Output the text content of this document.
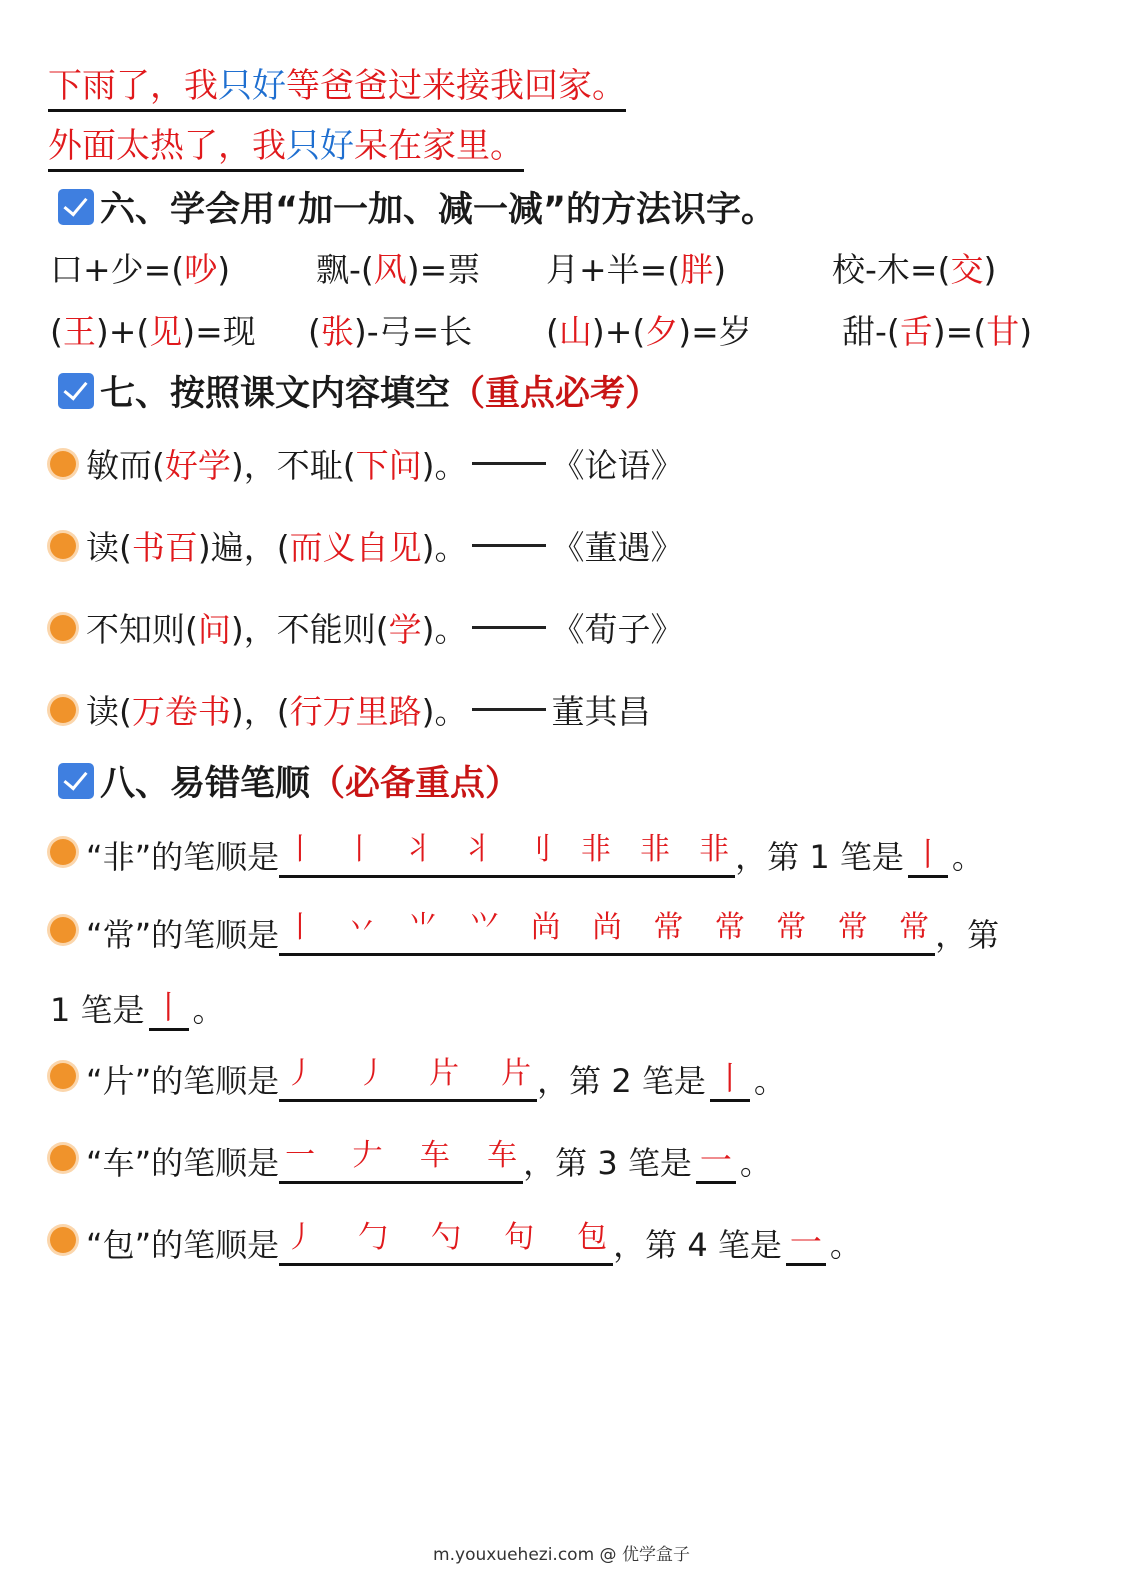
下雨了，我只好等爸爸过来接我回家。
外面太热了，我只好呆在家里。
六、学会用“加一加、减一减”的方法识字。
口+少=(吵)	飘-(风)=票 月+半=(胖)	校-木=(交)
(王)+(见)=现 (张)-弓=长 (山)+(夕)=岁	甜-(舌)=(甘)
七、按照课文内容填空 （重点必考）
敏而( 好学 )，不耻( 下问 )。	《论语》
读( 书百 )遍，( 而义自见 )。	《董遇》
不知则( 问 )，不能则( 学 )。	《荀子》
读( 万卷书 )，( 行万里路 )。	董其昌
八、易错笔顺 （必备重点）
“非”的笔顺是 丨 丨 丬 丬 刂 非 非 非 ，第 1 笔是 丨 。
“常”的笔顺是 丨 丷 ⺌ ⺍ 尚 尚 常 常 常 常 常 ，第
1 笔是 丨 。
“片”的笔顺是 丿 丿 片 片 ，第 2 笔是 丨 。
“车”的笔顺是 一 𠂇 车 车 ，第 3 笔是 一 。
“包”的笔顺是 丿 勹 勺 句 包 ，第 4 笔是 一 。
m.youxuehezi.com @ 优学盒子
